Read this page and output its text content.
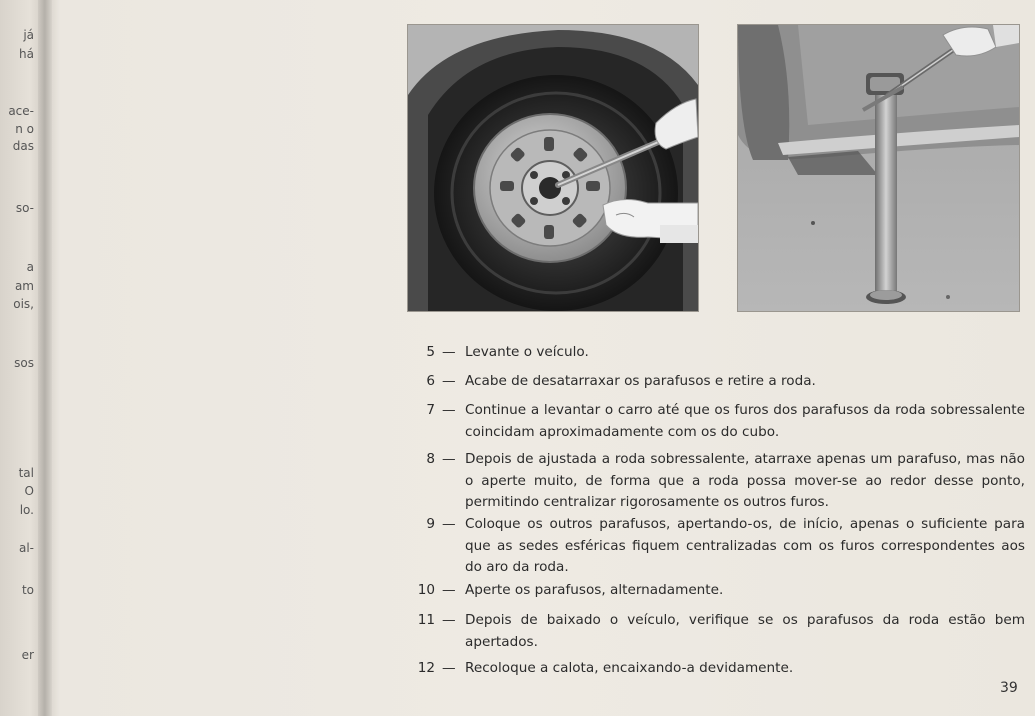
já
há
ace-
n o
das
so-
a
am
ois,
sos
tal
O
lo.
al-
to
er
5 — Levante o veículo.
6 — Acabe de desatarraxar os parafusos e retire a roda.
7 — Continue a levantar o carro até que os furos dos parafusos da roda sobressalente coincidam aproximadamente com os do cubo.
8 — Depois de ajustada a roda sobressalente, atarraxe apenas um parafuso, mas não o aperte muito, de forma que a roda possa mover-se ao redor desse ponto, permitindo centralizar rigorosamente os outros furos.
9 — Coloque os outros parafusos, apertando-os, de início, apenas o suficiente para que as sedes esféricas fiquem centralizadas com os furos correspondentes aos do aro da roda.
10 — Aperte os parafusos, alternadamente.
11 — Depois de baixado o veículo, verifique se os parafusos da roda estão bem apertados.
12 — Recoloque a calota, encaixando-a devidamente.
39
